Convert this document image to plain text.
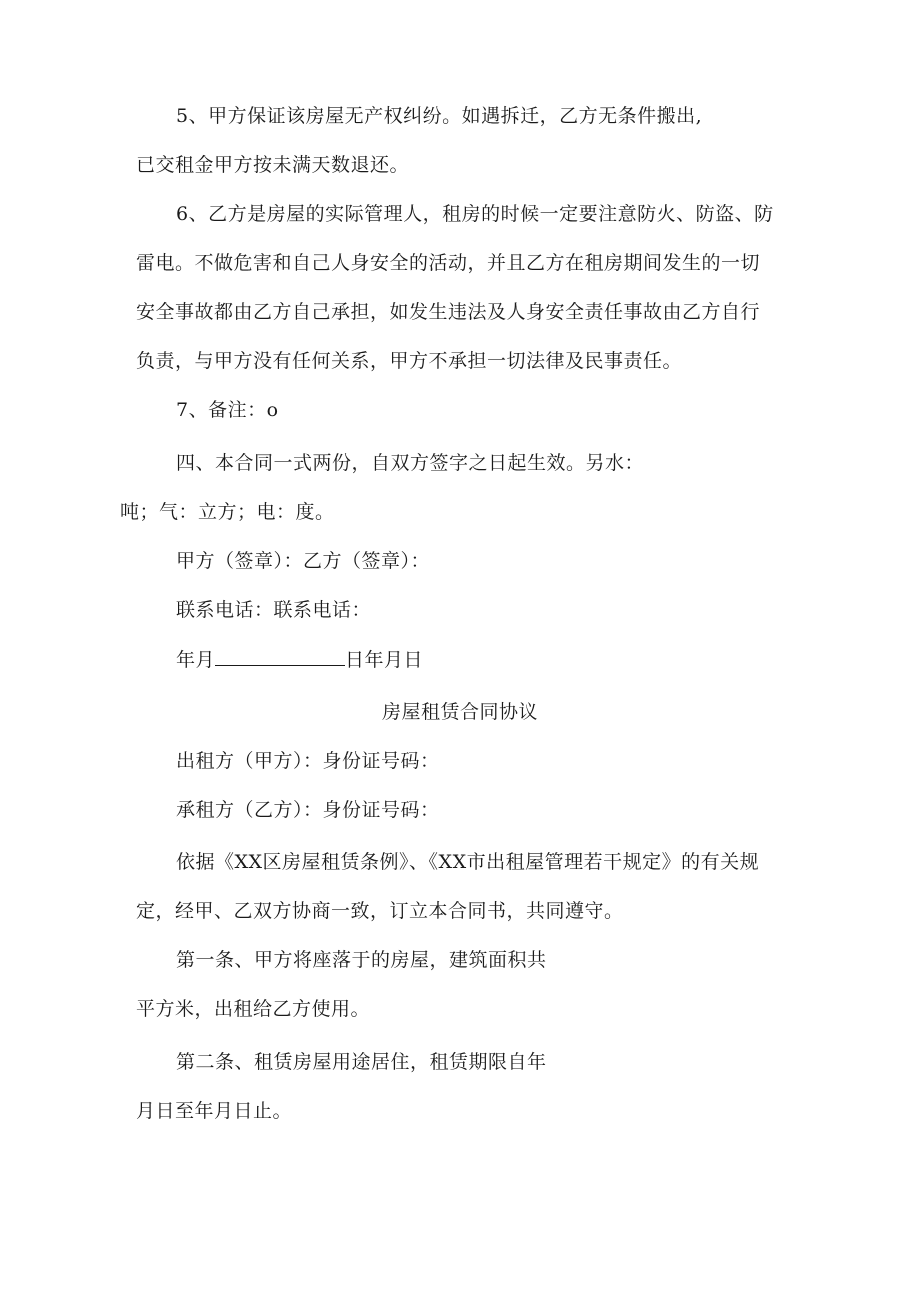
5、甲方保证该房屋无产权纠纷。如遇拆迁，乙方无条件搬出,
已交租金甲方按未满天数退还。
6、乙方是房屋的实际管理人，租房的时候一定要注意防火、防盗、防
雷电。不做危害和自己人身安全的活动，并且乙方在租房期间发生的一切
安全事故都由乙方自己承担，如发生违法及人身安全责任事故由乙方自行
负责，与甲方没有任何关系，甲方不承担一切法律及民事责任。
7、备注：o
四、本合同一式两份，自双方签字之日起生效。另水：
吨；气：立方；电：度。
甲方（签章）：乙方（签章）：
联系电话：联系电话：
年月	日年月日
房屋租赁合同协议
出租方（甲方）：身份证号码：
承租方（乙方）：身份证号码：
依据《XX区房屋租赁条例》、《XX市出租屋管理若干规定》的有关规
定，经甲、乙双方协商一致，订立本合同书，共同遵守。
第一条、甲方将座落于的房屋，建筑面积共
平方米，出租给乙方使用。
第二条、租赁房屋用途居住，租赁期限自年
月日至年月日止。
